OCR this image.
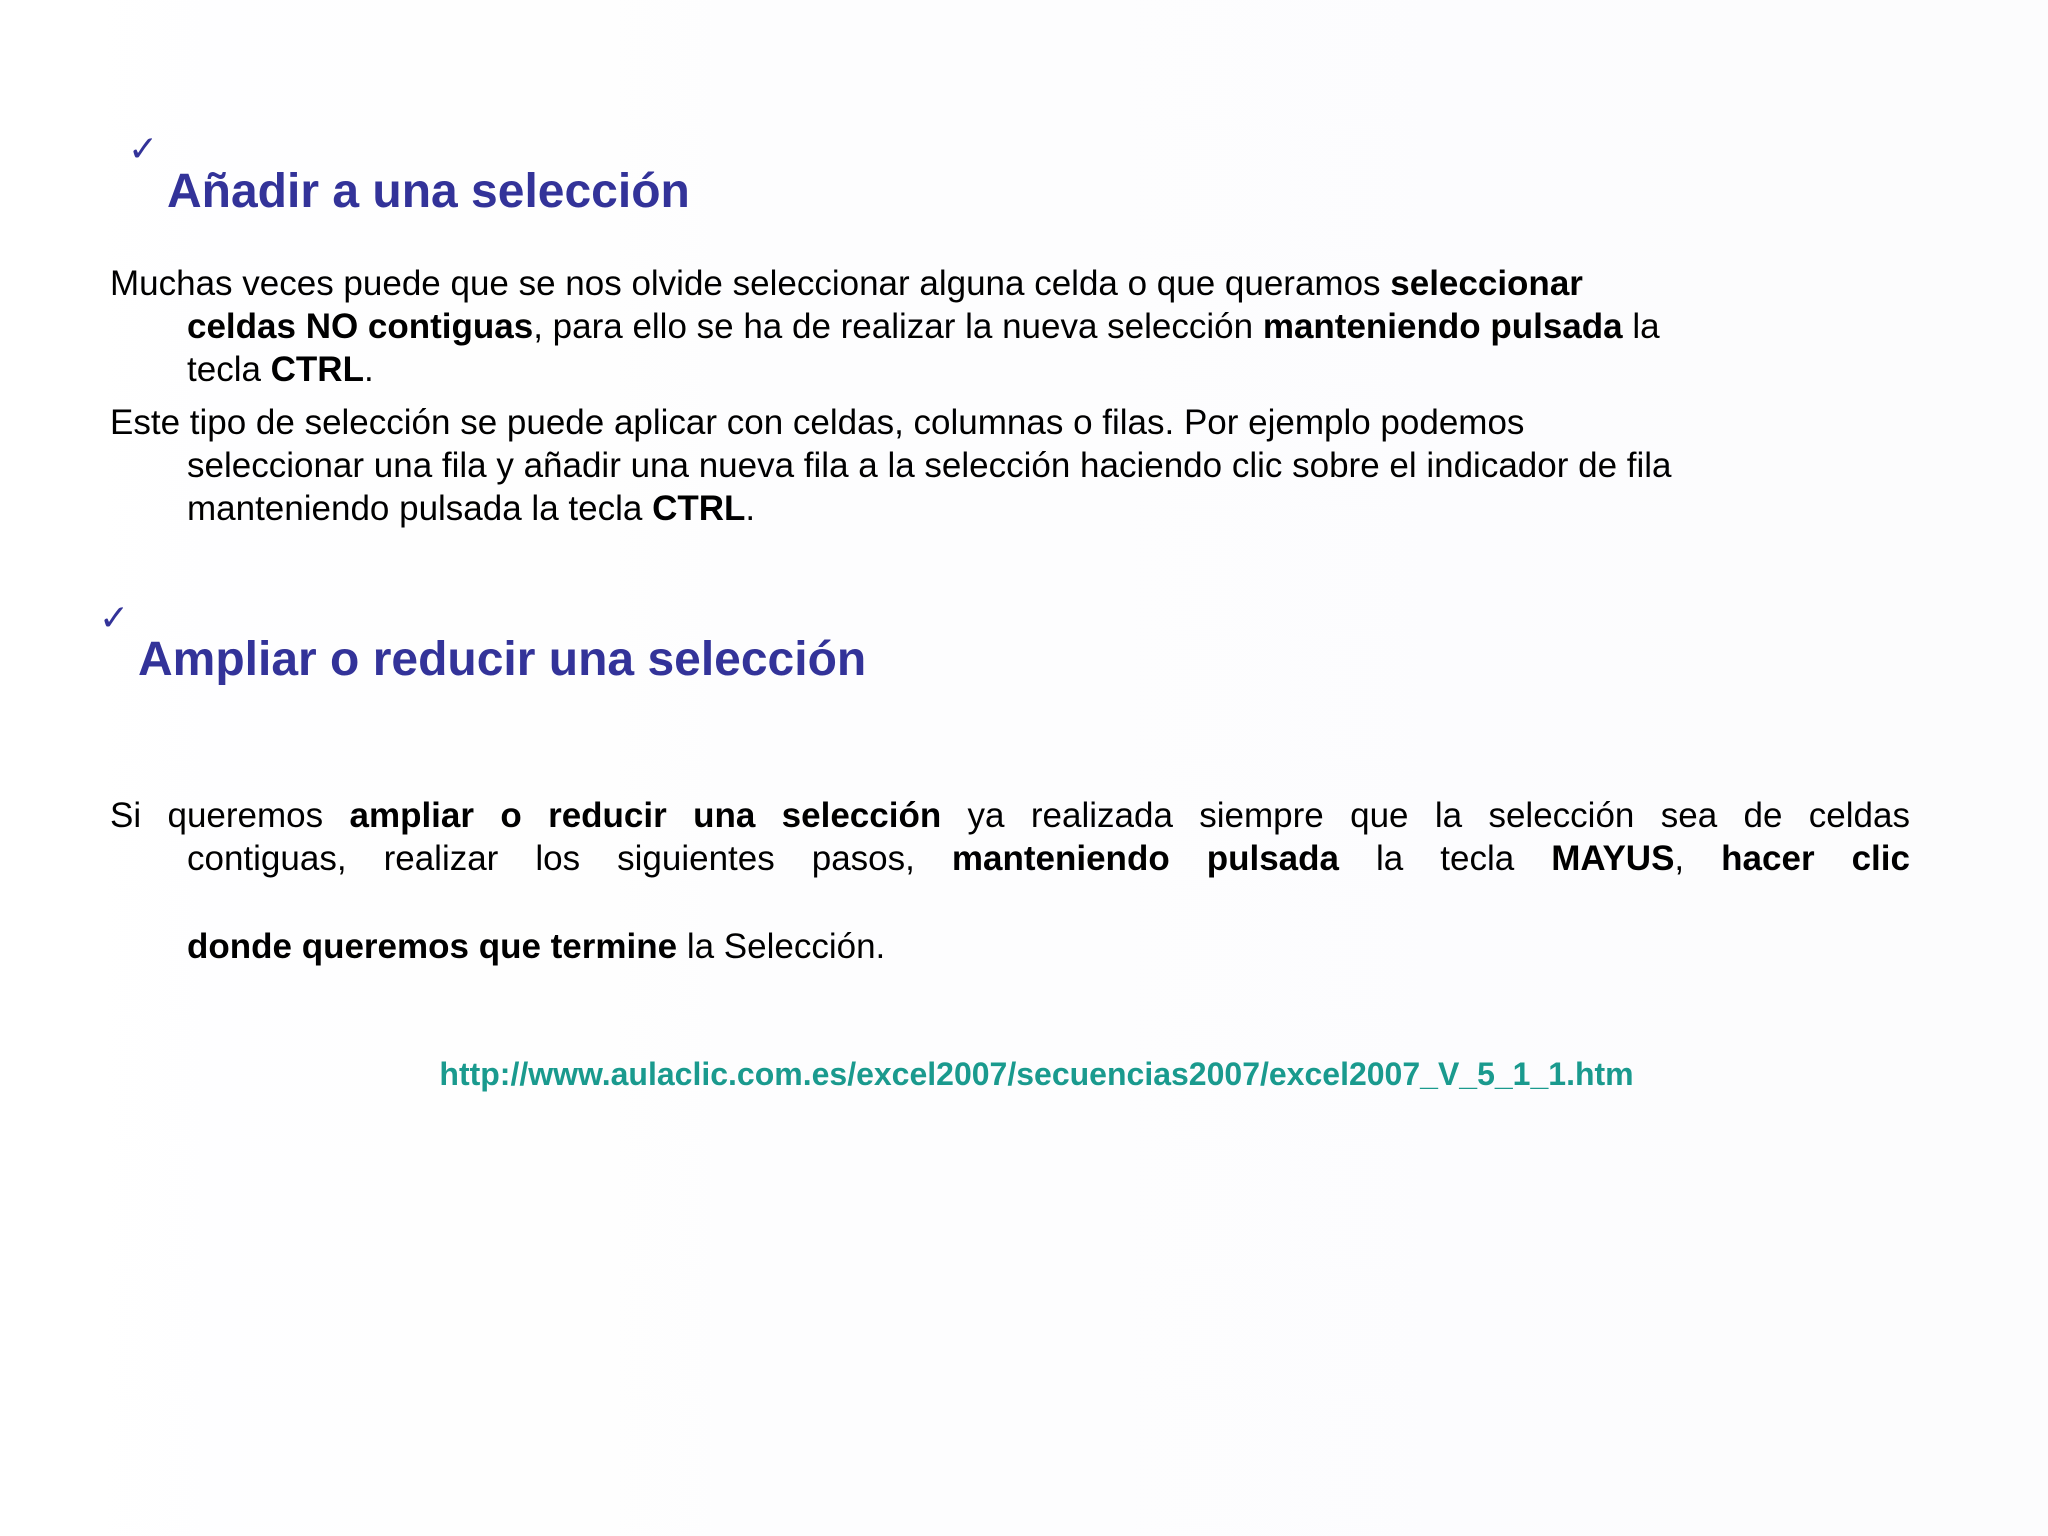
✓
Añadir a una selección
Muchas veces puede que se nos olvide seleccionar alguna celda o que queramos seleccionar
celdas NO contiguas, para ello se ha de realizar la nueva selección manteniendo pulsada la
tecla CTRL.
Este tipo de selección se puede aplicar con celdas, columnas o filas. Por ejemplo podemos
seleccionar una fila y añadir una nueva fila a la selección haciendo clic sobre el indicador de fila
manteniendo pulsada la tecla CTRL.
✓
Ampliar o reducir una selección
Si queremos ampliar o reducir una selección ya realizada siempre que la selección sea de celdas
contiguas, realizar los siguientes pasos, manteniendo pulsada la tecla MAYUS, hacer clic
donde queremos que termine la Selección.
http://www.aulaclic.com.es/excel2007/secuencias2007/excel2007_V_5_1_1.htm
